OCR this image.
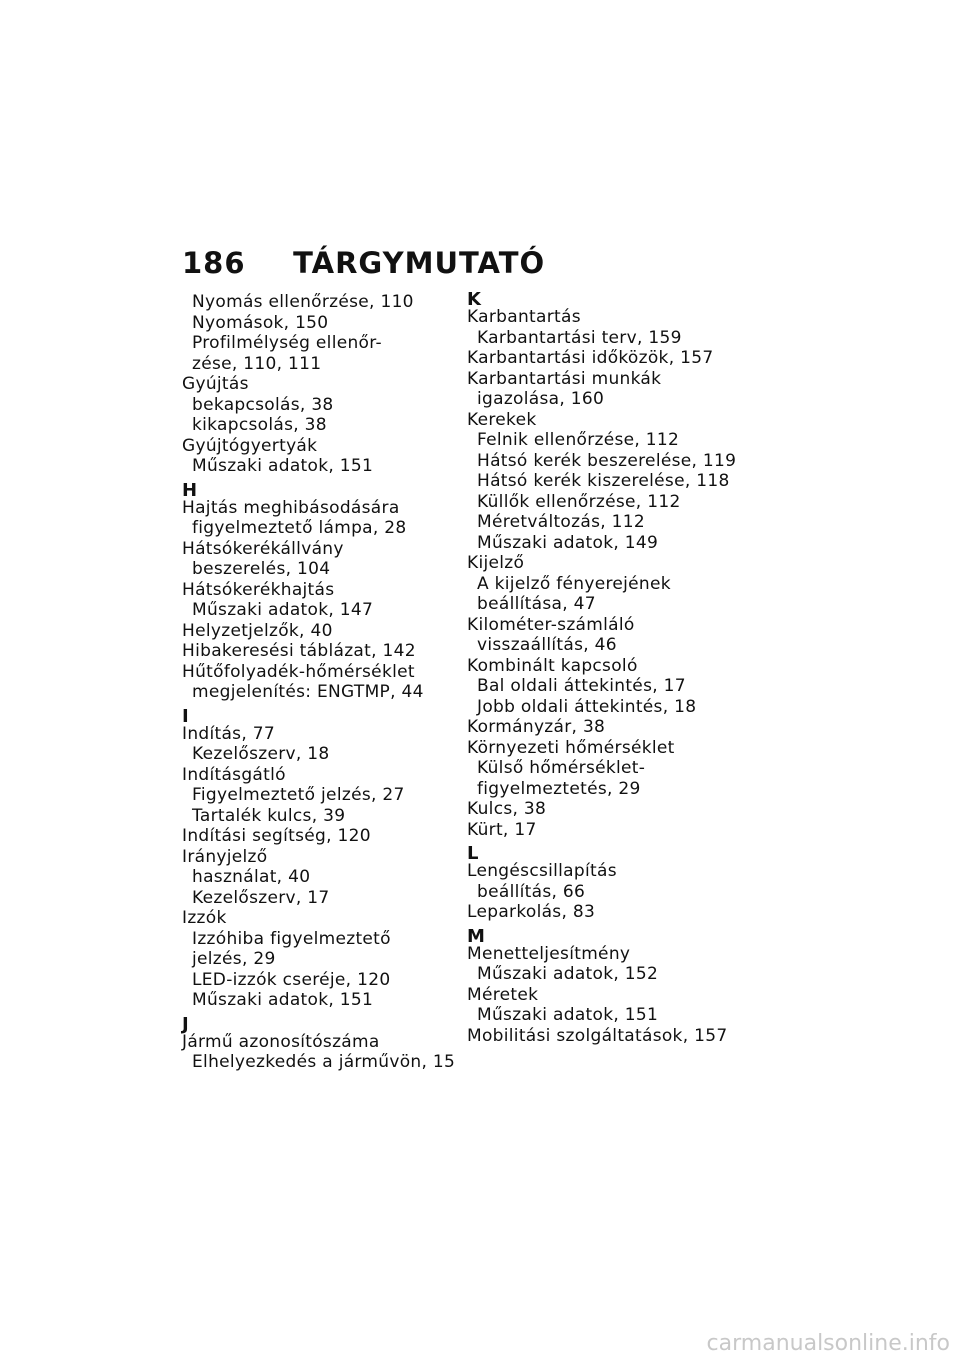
186 TÁRGYMUTATÓ
Nyomás ellenőrzése, 110
Nyomások, 150
Profilmélység ellenőr-
zése, 110, 111
Gyújtás
bekapcsolás, 38
kikapcsolás, 38
Gyújtógyertyák
Műszaki adatok, 151
H
Hajtás meghibásodására
figyelmeztető lámpa, 28
Hátsókerékállvány
beszerelés, 104
Hátsókerékhajtás
Műszaki adatok, 147
Helyzetjelzők, 40
Hibakeresési táblázat, 142
Hűtőfolyadék-hőmérséklet
megjelenítés: ENGTMP, 44
I
Indítás, 77
Kezelőszerv, 18
Indításgátló
Figyelmeztető jelzés, 27
Tartalék kulcs, 39
Indítási segítség, 120
Irányjelző
használat, 40
Kezelőszerv, 17
Izzók
Izzóhiba figyelmeztető
jelzés, 29
LED-izzók cseréje, 120
Műszaki adatok, 151
J
Jármű azonosítószáma
Elhelyezkedés a járművön, 15
K
Karbantartás
Karbantartási terv, 159
Karbantartási időközök, 157
Karbantartási munkák
igazolása, 160
Kerekek
Felnik ellenőrzése, 112
Hátsó kerék beszerelése, 119
Hátsó kerék kiszerelése, 118
Küllők ellenőrzése, 112
Méretváltozás, 112
Műszaki adatok, 149
Kijelző
A kijelző fényerejének
beállítása, 47
Kilométer-számláló
visszaállítás, 46
Kombinált kapcsoló
Bal oldali áttekintés, 17
Jobb oldali áttekintés, 18
Kormányzár, 38
Környezeti hőmérséklet
Külső hőmérséklet-
figyelmeztetés, 29
Kulcs, 38
Kürt, 17
L
Lengéscsillapítás
beállítás, 66
Leparkolás, 83
M
Menetteljesítmény
Műszaki adatok, 152
Méretek
Műszaki adatok, 151
Mobilitási szolgáltatások, 157
carmanualsonline.info
